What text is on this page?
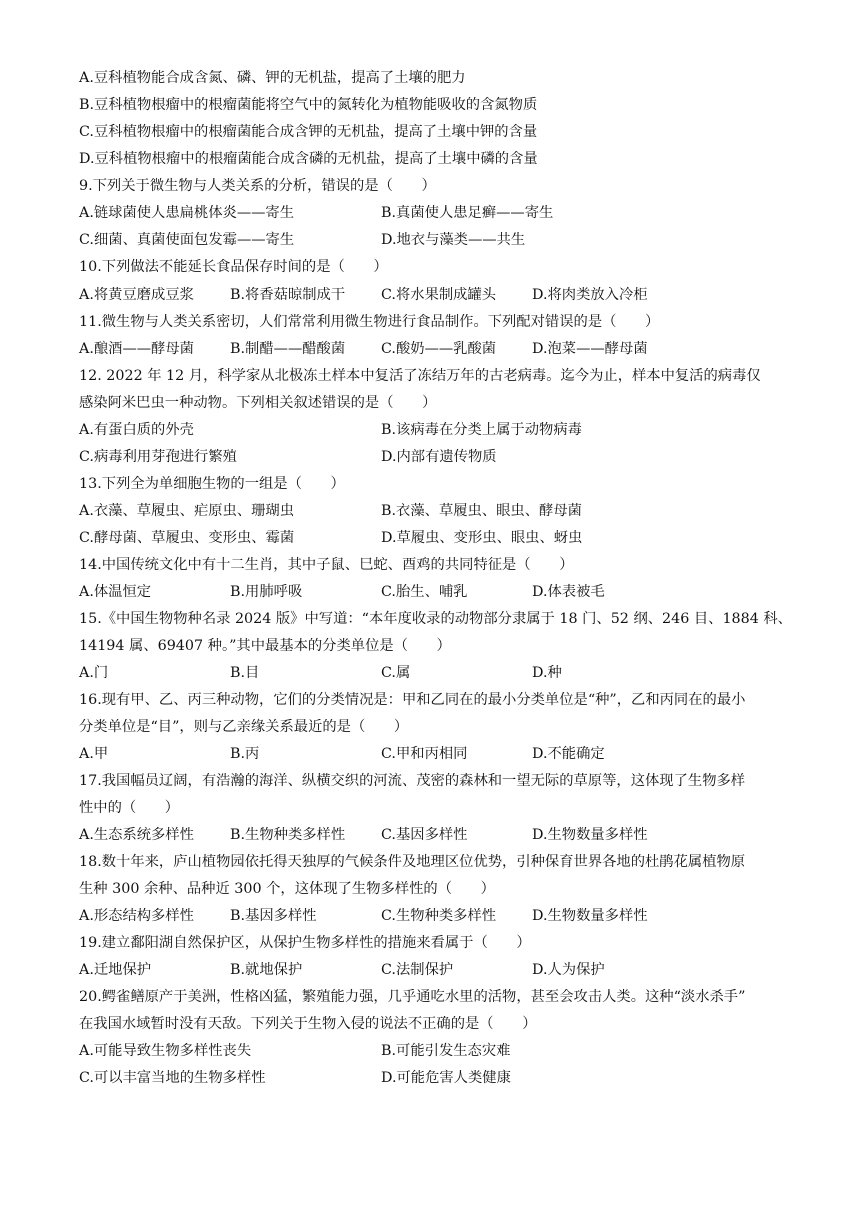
A.豆科植物能合成含氮、磷、钾的无机盐，提高了土壤的肥力
B.豆科植物根瘤中的根瘤菌能将空气中的氮转化为植物能吸收的含氮物质
C.豆科植物根瘤中的根瘤菌能合成含钾的无机盐，提高了土壤中钾的含量
D.豆科植物根瘤中的根瘤菌能合成含磷的无机盐，提高了土壤中磷的含量
9.下列关于微生物与人类关系的分析，错误的是（　　）
A.链球菌使人患扁桃体炎——寄生	B.真菌使人患足癣——寄生
C.细菌、真菌使面包发霉——寄生	D.地衣与藻类——共生
10.下列做法不能延长食品保存时间的是（　　）
A.将黄豆磨成豆浆	B.将香菇晾制成干	C.将水果制成罐头	D.将肉类放入冷柜
11.微生物与人类关系密切，人们常常利用微生物进行食品制作。下列配对错误的是（　　）
A.酿酒——酵母菌	B.制醋——醋酸菌	C.酸奶——乳酸菌	D.泡菜——酵母菌
12. 2022 年 12 月，科学家从北极冻土样本中复活了冻结万年的古老病毒。迄今为止，样本中复活的病毒仅
感染阿米巴虫一种动物。下列相关叙述错误的是（　　）
A.有蛋白质的外壳	B.该病毒在分类上属于动物病毒
C.病毒利用芽孢进行繁殖	D.内部有遗传物质
13.下列全为单细胞生物的一组是（　　）
A.衣藻、草履虫、疟原虫、珊瑚虫	B.衣藻、草履虫、眼虫、酵母菌
C.酵母菌、草履虫、变形虫、霉菌	D.草履虫、变形虫、眼虫、蚜虫
14.中国传统文化中有十二生肖，其中子鼠、巳蛇、酉鸡的共同特征是（　　）
A.体温恒定	B.用肺呼吸	C.胎生、哺乳	D.体表被毛
15.《中国生物物种名录 2024 版》中写道：“本年度收录的动物部分隶属于 18 门、52 纲、246 目、1884 科、
14194 属、69407 种。”其中最基本的分类单位是（　　）
A.门	B.目	C.属	D.种
16.现有甲、乙、丙三种动物，它们的分类情况是：甲和乙同在的最小分类单位是“种”，乙和丙同在的最小
分类单位是“目”，则与乙亲缘关系最近的是（　　）
A.甲	B.丙	C.甲和丙相同	D.不能确定
17.我国幅员辽阔，有浩瀚的海洋、纵横交织的河流、茂密的森林和一望无际的草原等，这体现了生物多样
性中的（　　）
A.生态系统多样性	B.生物种类多样性	C.基因多样性	D.生物数量多样性
18.数十年来，庐山植物园依托得天独厚的气候条件及地理区位优势，引种保育世界各地的杜鹃花属植物原
生种 300 余种、品种近 300 个，这体现了生物多样性的（　　）
A.形态结构多样性	B.基因多样性	C.生物种类多样性	D.生物数量多样性
19.建立鄱阳湖自然保护区，从保护生物多样性的措施来看属于（　　）
A.迁地保护	B.就地保护	C.法制保护	D.人为保护
20.鳄雀鳝原产于美洲，性格凶猛，繁殖能力强，几乎通吃水里的活物，甚至会攻击人类。这种“淡水杀手”
在我国水域暂时没有天敌。下列关于生物入侵的说法不正确的是（　　）
A.可能导致生物多样性丧失	B.可能引发生态灾难
C.可以丰富当地的生物多样性	D.可能危害人类健康
